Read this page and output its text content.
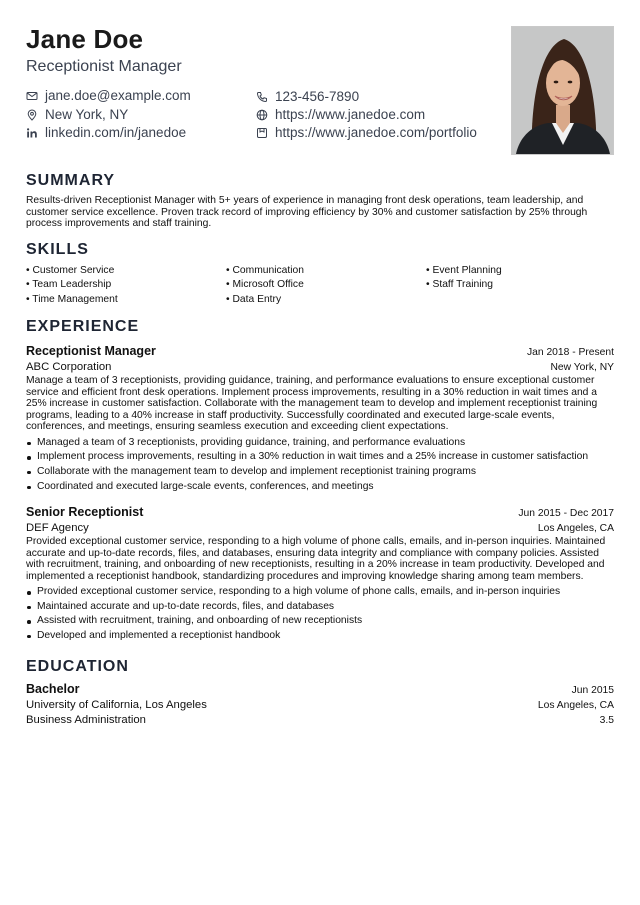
Jane Doe
Receptionist Manager
jane.doe@example.com	123-456-7890
New York, NY	https://www.janedoe.com
linkedin.com/in/janedoe	https://www.janedoe.com/portfolio
SUMMARY
Results-driven Receptionist Manager with 5+ years of experience in managing front desk operations, team leadership, and customer service excellence. Proven track record of improving efficiency by 30% and customer satisfaction by 25% through process improvements and staff training.
SKILLS
• Customer Service	• Communication	• Event Planning
• Team Leadership	• Microsoft Office	• Staff Training
• Time Management	• Data Entry
EXPERIENCE
Receptionist Manager	Jan 2018 - Present
ABC Corporation	New York, NY
Manage a team of 3 receptionists, providing guidance, training, and performance evaluations to ensure exceptional customer service and efficient front desk operations. Implement process improvements, resulting in a 30% reduction in wait times and a 25% increase in customer satisfaction. Collaborate with the management team to develop and implement receptionist training programs, leading to a 40% increase in staff productivity. Successfully coordinated and executed large-scale events, conferences, and meetings, ensuring seamless execution and exceeding client expectations.
Managed a team of 3 receptionists, providing guidance, training, and performance evaluations
Implement process improvements, resulting in a 30% reduction in wait times and a 25% increase in customer satisfaction
Collaborate with the management team to develop and implement receptionist training programs
Coordinated and executed large-scale events, conferences, and meetings
Senior Receptionist	Jun 2015 - Dec 2017
DEF Agency	Los Angeles, CA
Provided exceptional customer service, responding to a high volume of phone calls, emails, and in-person inquiries. Maintained accurate and up-to-date records, files, and databases, ensuring data integrity and compliance with company policies. Assisted with recruitment, training, and onboarding of new receptionists, resulting in a 20% increase in team productivity. Developed and implemented a receptionist handbook, standardizing procedures and improving knowledge sharing among team members.
Provided exceptional customer service, responding to a high volume of phone calls, emails, and in-person inquiries
Maintained accurate and up-to-date records, files, and databases
Assisted with recruitment, training, and onboarding of new receptionists
Developed and implemented a receptionist handbook
EDUCATION
Bachelor	Jun 2015
University of California, Los Angeles	Los Angeles, CA
Business Administration	3.5
